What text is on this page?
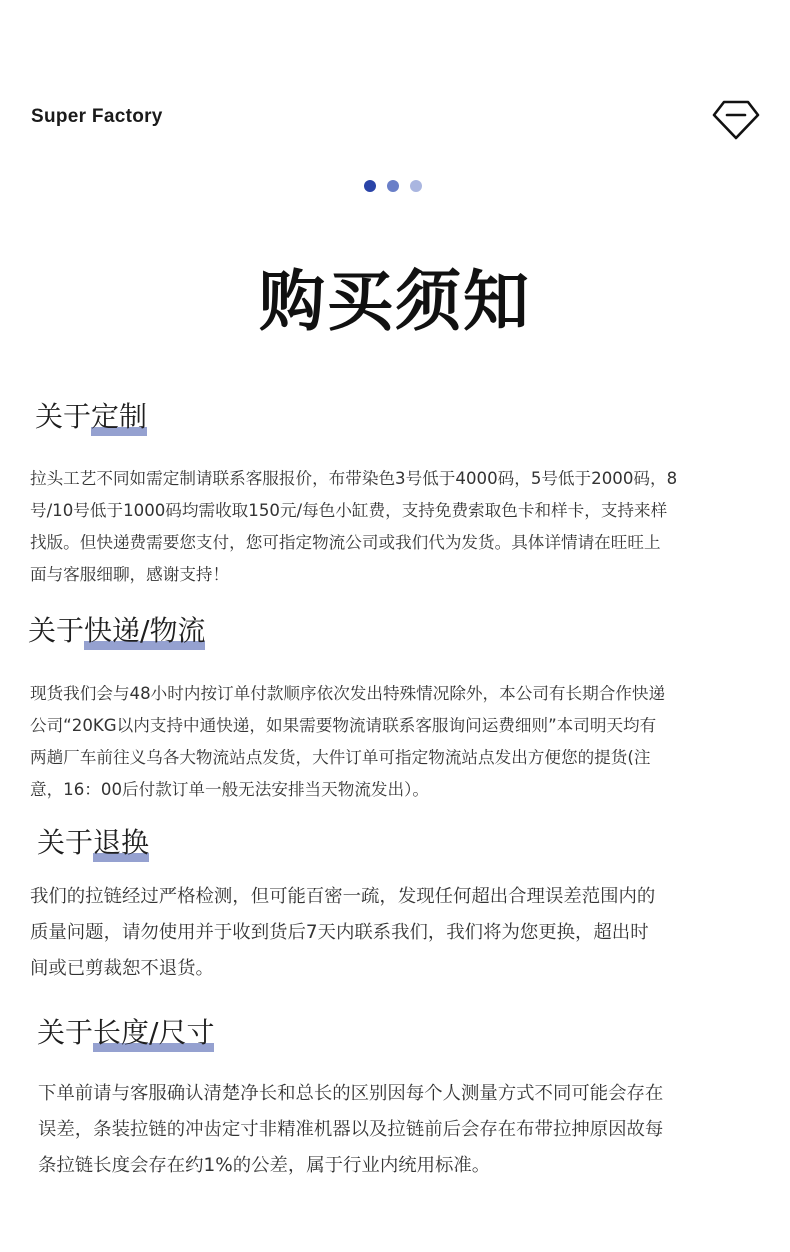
Super Factory
购买须知
关于
定制
拉头工艺不同如需定制请联系客服报价，布带染色3号低于4000码，5号低于2000码，8
号/10号低于1000码均需收取150元/每色小缸费，支持免费索取色卡和样卡，支持来样
找版。但快递费需要您支付，您可指定物流公司或我们代为发货。具体详情请在旺旺上
面与客服细聊，感谢支持！
关于
快递/物流
现货我们会与48小时内按订单付款顺序依次发出特殊情况除外，本公司有长期合作快递
公司“20KG以内支持中通快递，如果需要物流请联系客服询问运费细则”本司明天均有
两趟厂车前往义乌各大物流站点发货，大件订单可指定物流站点发出方便您的提货(注
意，16：00后付款订单一般无法安排当天物流发出）。
关于
退换
我们的拉链经过严格检测，但可能百密一疏，发现任何超出合理误差范围内的
质量问题，请勿使用并于收到货后7天内联系我们，我们将为您更换，超出时
间或已剪裁恕不退货。
关于
长度/尺寸
下单前请与客服确认清楚净长和总长的区别因每个人测量方式不同可能会存在
误差，条装拉链的冲齿定寸非精准机器以及拉链前后会存在布带拉抻原因故每
条拉链长度会存在约1%的公差，属于行业内统用标准。
